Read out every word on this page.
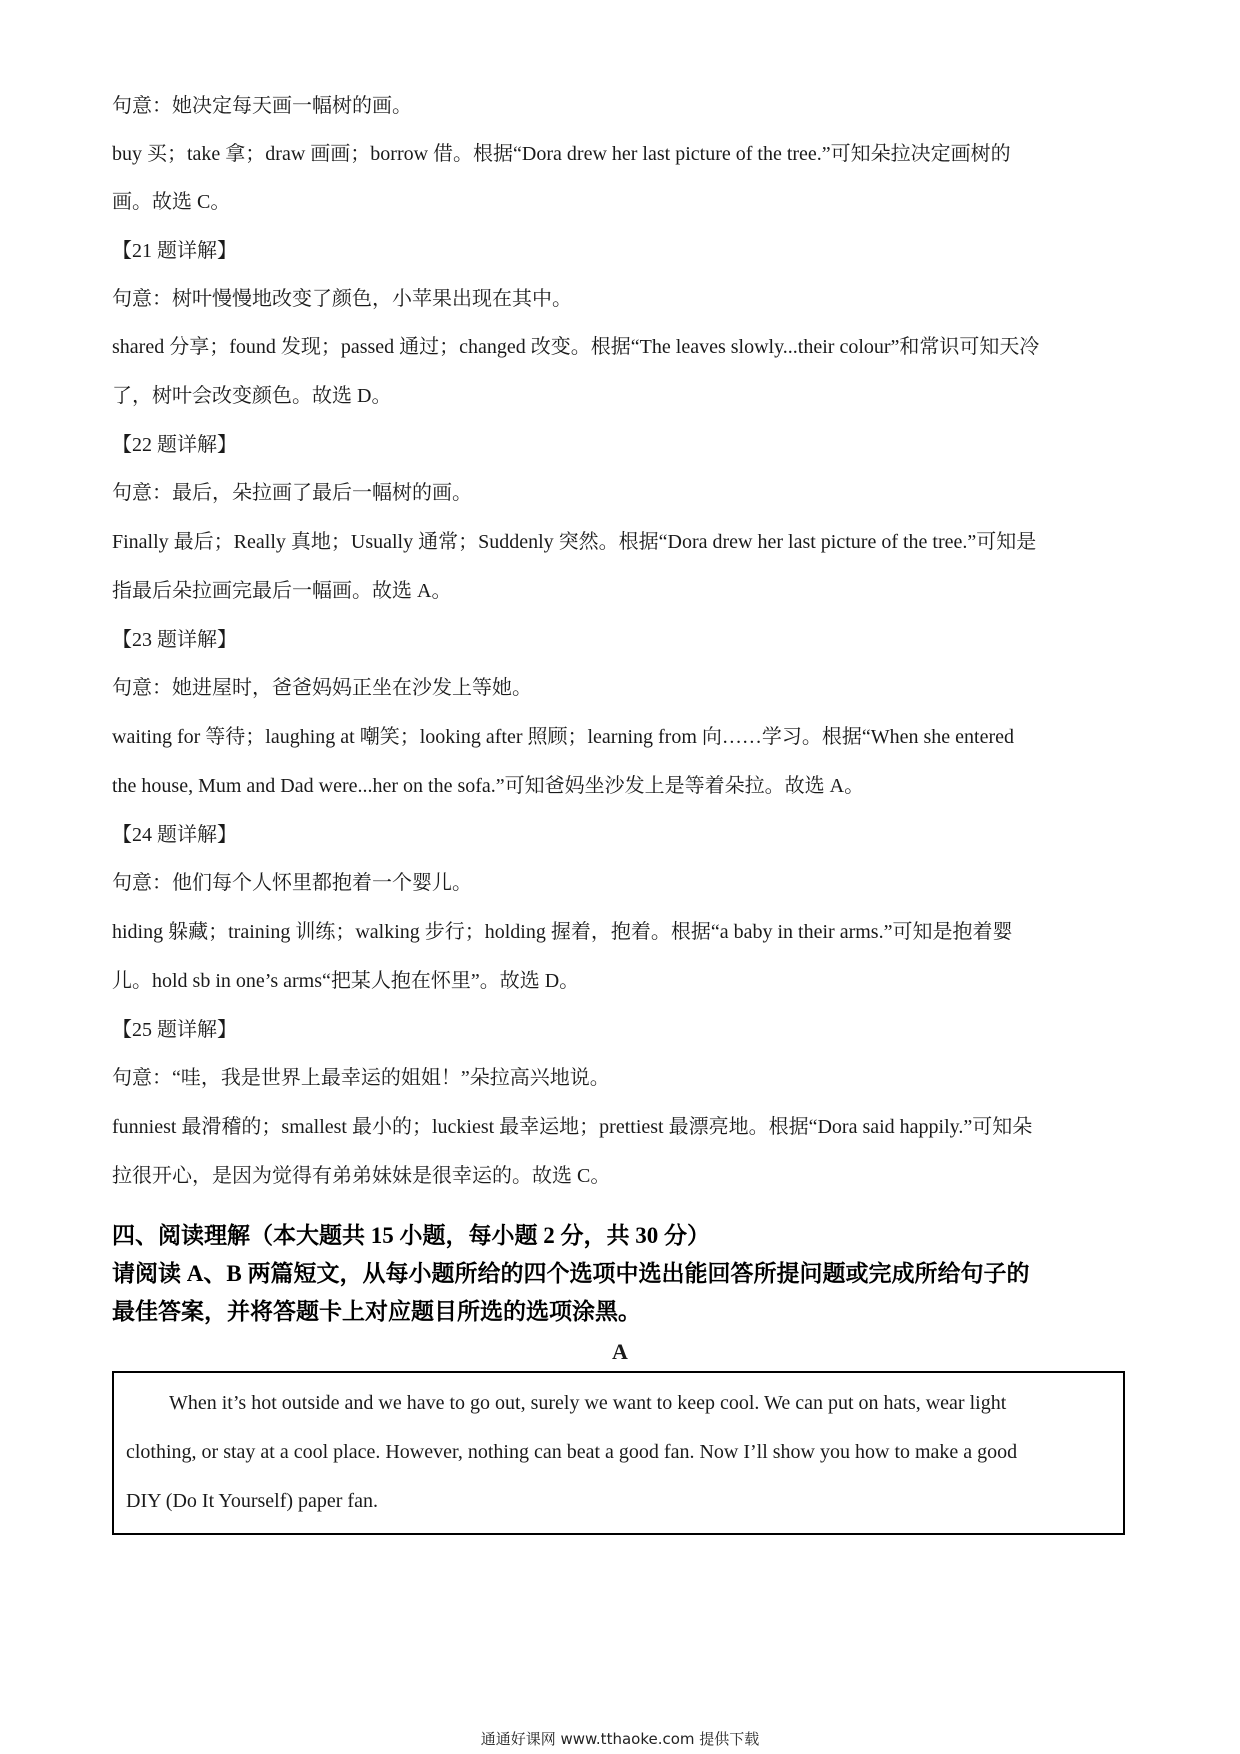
句意：她决定每天画一幅树的画。
buy 买；take 拿；draw 画画；borrow 借。根据“Dora drew her last picture of the tree.”可知朵拉决定画树的
画。故选 C。
【21 题详解】
句意：树叶慢慢地改变了颜色，小苹果出现在其中。
shared 分享；found 发现；passed 通过；changed 改变。根据“The leaves slowly...their colour”和常识可知天冷
了，树叶会改变颜色。故选 D。
【22 题详解】
句意：最后，朵拉画了最后一幅树的画。
Finally 最后；Really 真地；Usually 通常；Suddenly 突然。根据“Dora drew her last picture of the tree.”可知是
指最后朵拉画完最后一幅画。故选 A。
【23 题详解】
句意：她进屋时，爸爸妈妈正坐在沙发上等她。
waiting for 等待；laughing at 嘲笑；looking after 照顾；learning from 向……学习。根据“When she entered
the house, Mum and Dad were...her on the sofa.”可知爸妈坐沙发上是等着朵拉。故选 A。
【24 题详解】
句意：他们每个人怀里都抱着一个婴儿。
hiding 躲藏；training 训练；walking 步行；holding 握着，抱着。根据“a baby in their arms.”可知是抱着婴
儿。hold sb in one’s arms“把某人抱在怀里”。故选 D。
【25 题详解】
句意：“哇，我是世界上最幸运的姐姐！”朵拉高兴地说。
funniest 最滑稽的；smallest 最小的；luckiest 最幸运地；prettiest 最漂亮地。根据“Dora said happily.”可知朵
拉很开心，是因为觉得有弟弟妹妹是很幸运的。故选 C。
四、阅读理解（本大题共 15 小题，每小题 2 分，共 30 分）
请阅读 A、B 两篇短文，从每小题所给的四个选项中选出能回答所提问题或完成所给句子的
最佳答案，并将答题卡上对应题目所选的选项涂黑。
A
When it’s hot outside and we have to go out, surely we want to keep cool. We can put on hats, wear light
clothing, or stay at a cool place. However, nothing can beat a good fan. Now I’ll show you how to make a good
DIY (Do It Yourself) paper fan.
通通好课网 www.tthaoke.com 提供下载
